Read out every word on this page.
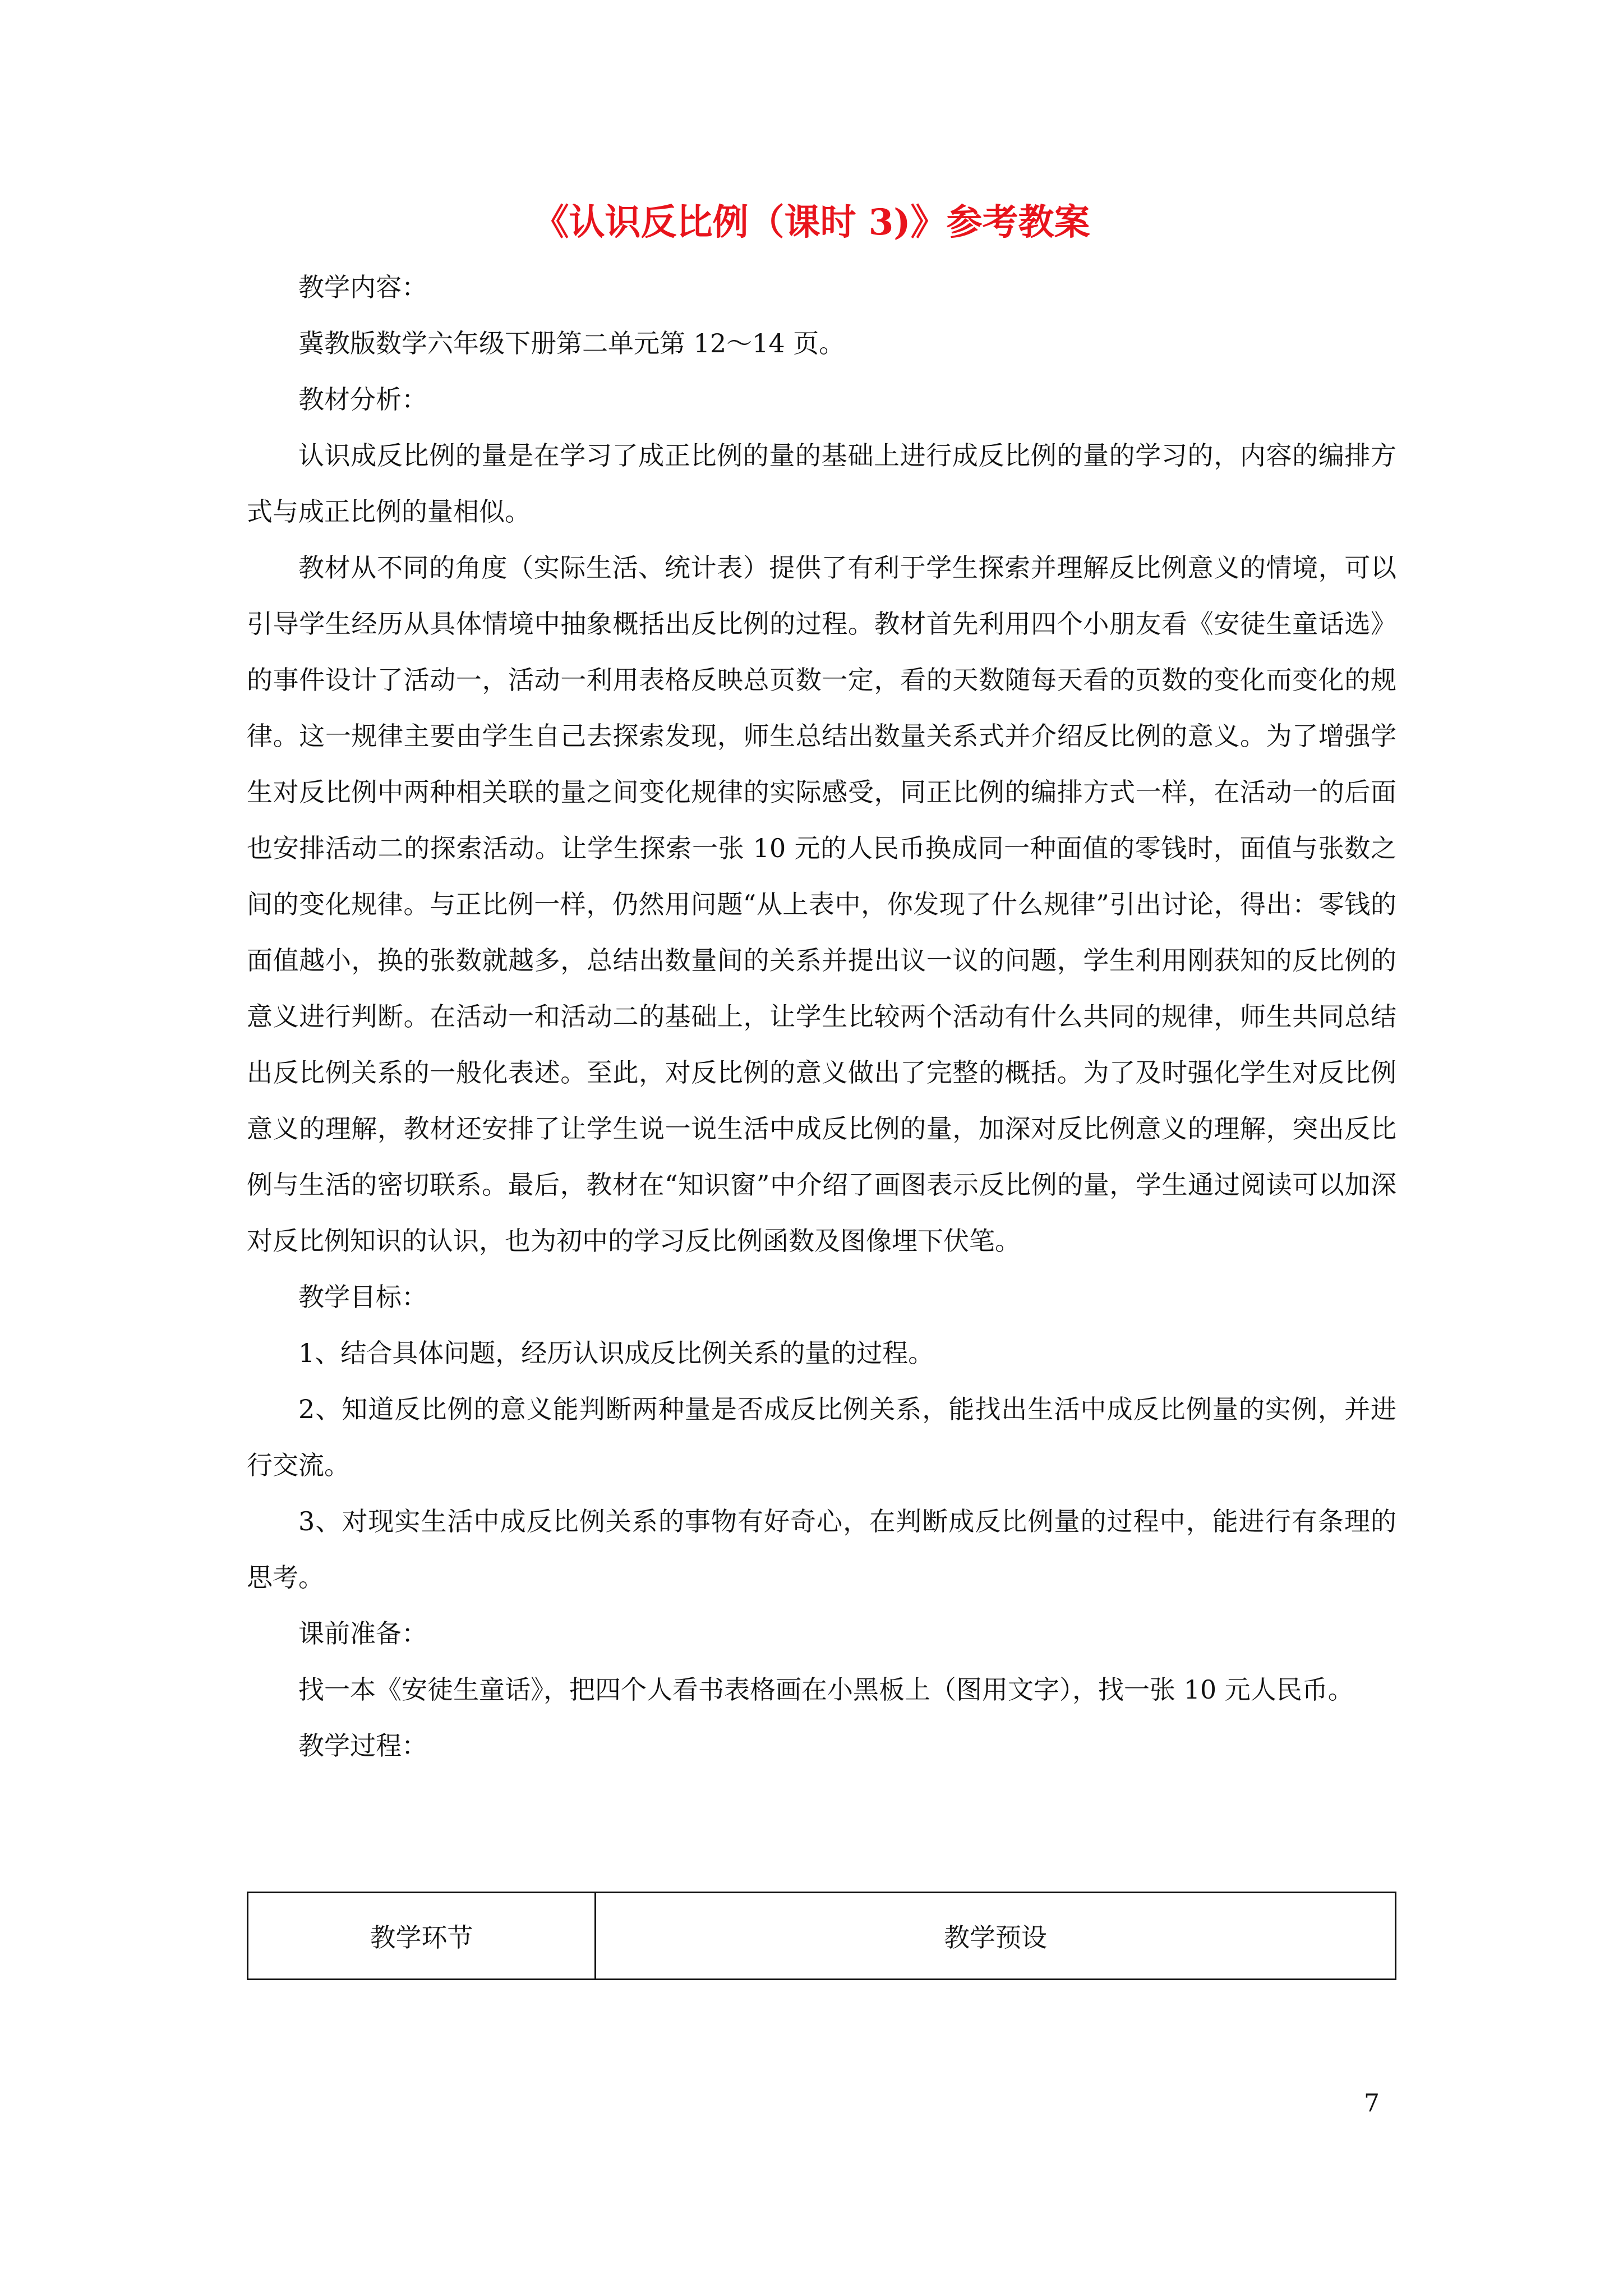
《认识反比例（课时 3)》参考教案

教学内容：

冀教版数学六年级下册第二单元第 12～14 页。

教材分析：

认识成反比例的量是在学习了成正比例的量的基础上进行成反比例的量的学习的，内容的编排方式与成正比例的量相似。

教材从不同的角度（实际生活、统计表）提供了有利于学生探索并理解反比例意义的情境，可以引导学生经历从具体情境中抽象概括出反比例的过程。教材首先利用四个小朋友看《安徒生童话选》的事件设计了活动一，活动一利用表格反映总页数一定，看的天数随每天看的页数的变化而变化的规律。这一规律主要由学生自己去探索发现，师生总结出数量关系式并介绍反比例的意义。为了增强学生对反比例中两种相关联的量之间变化规律的实际感受，同正比例的编排方式一样，在活动一的后面也安排活动二的探索活动。让学生探索一张 10 元的人民币换成同一种面值的零钱时，面值与张数之间的变化规律。与正比例一样，仍然用问题“从上表中，你发现了什么规律”引出讨论，得出：零钱的面值越小，换的张数就越多，总结出数量间的关系并提出议一议的问题，学生利用刚获知的反比例的意义进行判断。在活动一和活动二的基础上，让学生比较两个活动有什么共同的规律，师生共同总结出反比例关系的一般化表述。至此，对反比例的意义做出了完整的概括。为了及时强化学生对反比例意义的理解，教材还安排了让学生说一说生活中成反比例的量，加深对反比例意义的理解，突出反比例与生活的密切联系。最后，教材在“知识窗”中介绍了画图表示反比例的量，学生通过阅读可以加深对反比例知识的认识，也为初中的学习反比例函数及图像埋下伏笔。

教学目标：

1、结合具体问题，经历认识成反比例关系的量的过程。

2、知道反比例的意义能判断两种量是否成反比例关系，能找出生活中成反比例量的实例，并进行交流。

3、对现实生活中成反比例关系的事物有好奇心，在判断成反比例量的过程中，能进行有条理的思考。

课前准备：

找一本《安徒生童话》，把四个人看书表格画在小黑板上（图用文字），找一张 10 元人民币。

教学过程：

教学环节	教学预设
7
